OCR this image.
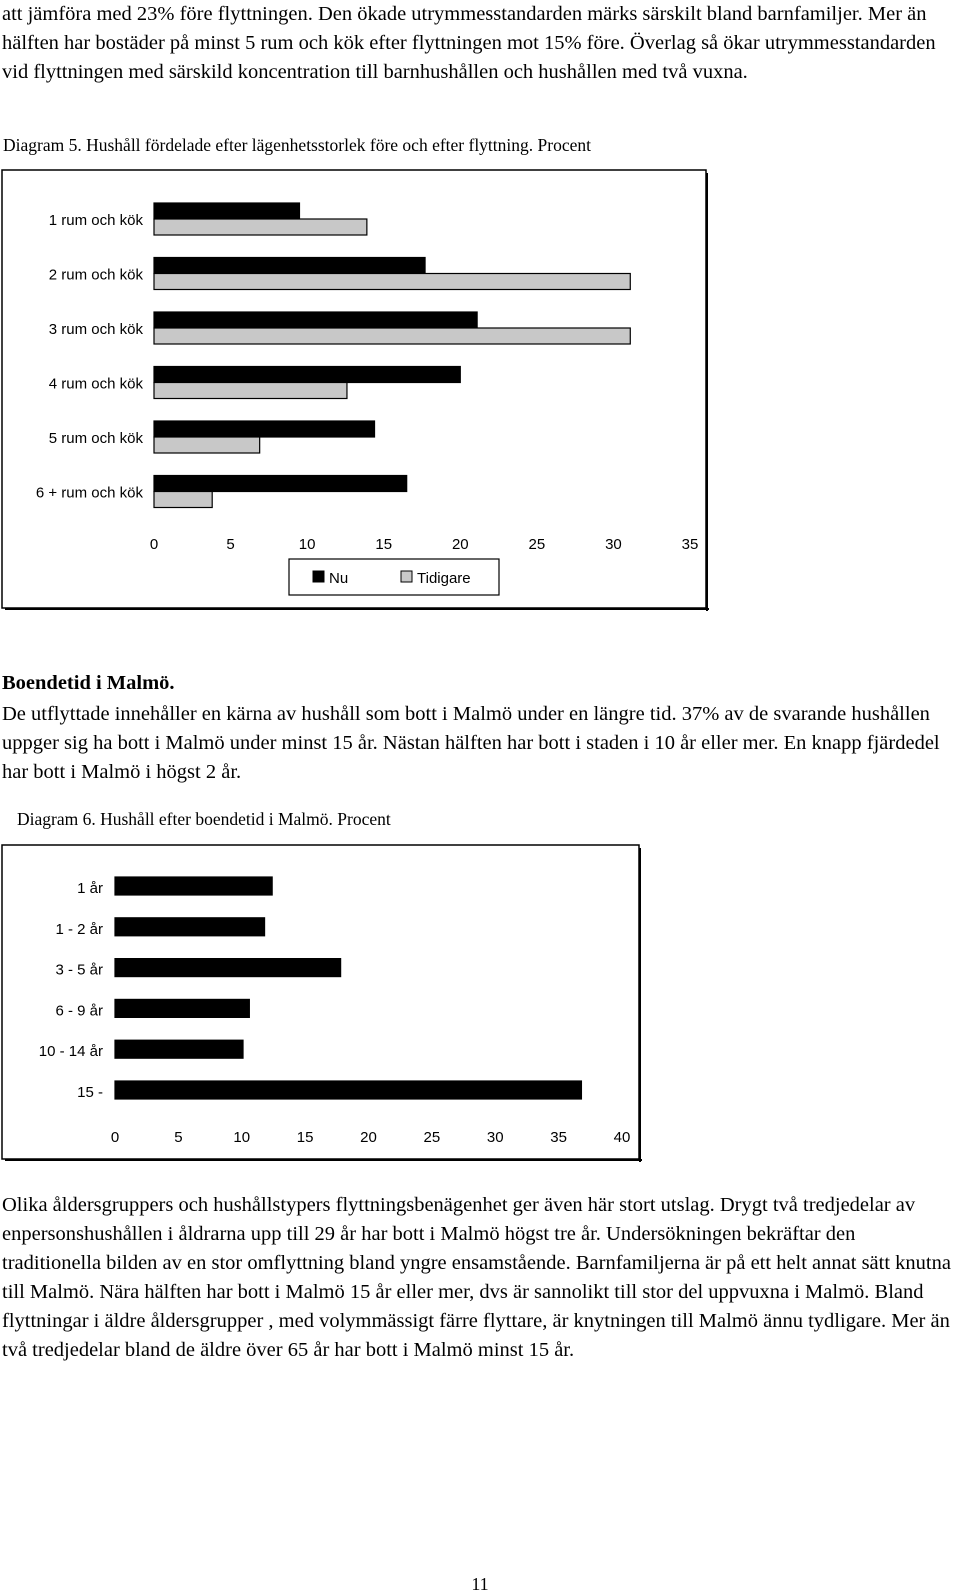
att jämföra med 23% före flyttningen. Den ökade utrymmesstandarden märks särskilt bland barnfamiljer. Mer än hälften har bostäder på minst 5 rum och kök efter flyttningen mot 15% före. Överlag så ökar utrymmesstandarden vid flyttningen med särskild koncentration till barnhushållen och hushållen med två vuxna.

Diagram 5. Hushåll fördelade efter lägenhetsstorlek före och efter flyttning. Procent

1 rum och kök
2 rum och kök
3 rum och kök
4 rum och kök
5 rum och kök
6 + rum och kök
0	5	10	15	20	25	30	35
Nu	Tidigare

Boendetid i Malmö.

De utflyttade innehåller en kärna av hushåll som bott i Malmö under en längre tid. 37% av de svarande hushållen uppger sig ha bott i Malmö under minst 15 år. Nästan hälften har bott i staden i 10 år eller mer. En knapp fjärdedel har bott i Malmö i högst 2 år.

Diagram 6. Hushåll efter boendetid i Malmö. Procent

1 år
1 - 2 år
3 - 5 år
6 - 9 år
10 - 14 år
15 -
0	5	10	15	20	25	30	35	40

Olika åldersgruppers och hushållstypers flyttningsbenägenhet ger även här stort utslag. Drygt två tredjedelar av enpersonshushållen i åldrarna upp till 29 år har bott i Malmö högst tre år. Undersökningen bekräftar den traditionella bilden av en stor omflyttning bland yngre ensamstående. Barnfamiljerna är på ett helt annat sätt knutna till Malmö. Nära hälften har bott i Malmö 15 år eller mer, dvs är sannolikt till stor del uppvuxna i Malmö. Bland flyttningar i äldre åldersgrupper , med volymmässigt färre flyttare, är knytningen till Malmö ännu tydligare. Mer än två tredjedelar bland de äldre över 65 år har bott i Malmö minst 15 år.

11
